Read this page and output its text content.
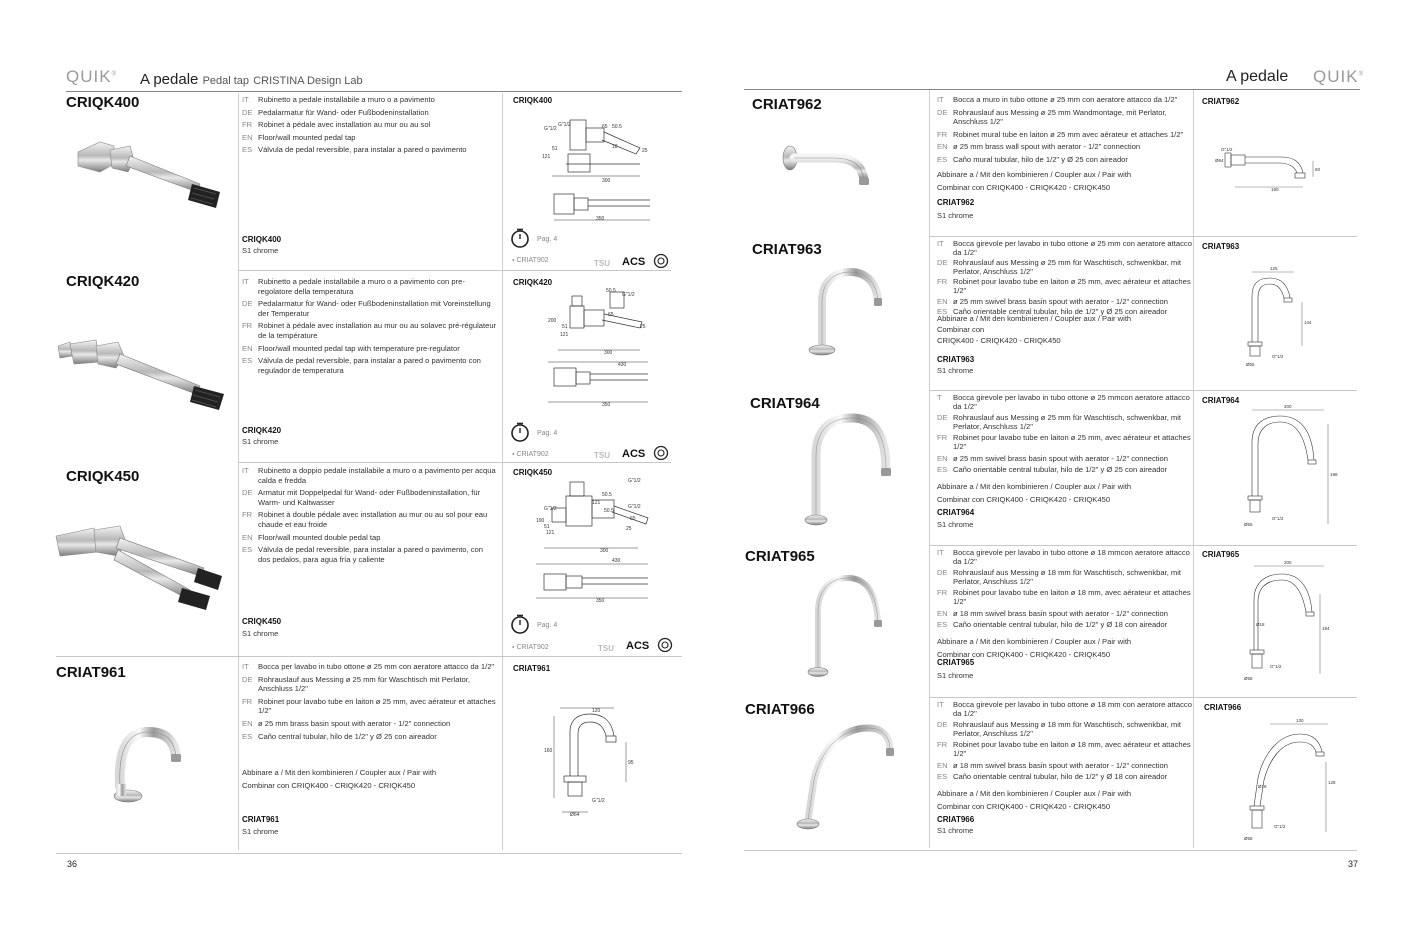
QUIK® A pedale Pedal tap CRISTINA Design Lab
CRIQK400	IT	Rubinetto a pedale installabile a muro o a pavimento
DE Pedalarmatur für Wand- oder Fußbodeninstallation
FR Robinet à pédale avec installation au mur ou au sol
EN Floor/wall mounted pedal tap
ES Válvula de pedal reversible, para instalar a pared o pavimento
CRIQK400
S1 chrome
CRIQK400
G"1/2
G"1/2	65 50.5
51
121
18
25
300
350
Pag. 4
⬩ CRIAT902	TSU ACS
CRIQK420	IT	Rubinetto a pedale installabile a muro o a pavimento con pre-regolatore della temperatura
DE Pedalarmatur für Wand- oder Fußbodeninstallation mit Voreinstellung der Temperatur
FR Robinet à pédale avec installation au mur ou au solavec pré-régulateur de la température
EN Floor/wall mounted pedal tap with temperature pre-regulator
ES Válvula de pedal reversible, para instalar a pared o pavimento con regulador de temperatura
CRIQK420
S1 chrome
CRIQK420
50.5
G"1/2
200
51
121
65
25
300
430
350
Pag. 4
⬩ CRIAT902	TSU ACS
CRIQK450	IT	Rubinetto a doppio pedale installabile a muro o a pavimento per acqua calda e fredda
DE Armatur mit Doppelpedal für Wand- oder Fußbodeninstallation, für Warm- und Kaltwasser
FR Robinet à double pédale avec installation au mur ou au sol pour eau chaude et eau froide
EN Floor/wall mounted double pedal tap
ES Válvula de pedal reversible, para instalar a pared o pavimento, con dos pedalos, para agua fría y caliente
CRIQK450
S1 chrome
CRIQK450
G"1/2
50.5
121
G"1/2
190
51
121
50.5
G"1/2
65
25
300
430
350
Pag. 4
⬩ CRIAT902	TSU ACS
CRIAT961	IT	Bocca per lavabo in tubo ottone ø 25 mm con aeratore attacco da 1/2"
DE Rohrauslauf aus Messing ø 25 mm für Waschtisch mit Perlator, Anschluss 1/2"
FR Robinet pour lavabo tube en laiton ø 25 mm, avec aérateur et attaches 1/2"
EN ø 25 mm brass basin spout with aerator - 1/2" connection
ES Caño central tubular, hilo de 1/2" y Ø 25 con aireador
Abbinare a / Mit den kombinieren / Coupler aux / Pair with
Combinar con CRIQK400 - CRIQK420 - CRIQK450
CRIAT961
S1 chrome
CRIAT961
120
160
95
G"1/2
Ø64
36
A pedale QUIK®
CRIAT962	IT	Bocca a muro in tubo ottone ø 25 mm con aeratore attacco da 1/2"
DE Rohrauslauf aus Messing ø 25 mm Wandmontage, mit Perlator, Anschluss 1/2"
FR Robinet mural tube en laiton ø 25 mm avec aérateur et attaches 1/2"
EN ø 25 mm brass wall spout with aerator - 1/2" connection
ES Caño mural tubular, hilo de 1/2" y Ø 25 con aireador
Abbinare a / Mit den kombinieren / Coupler aux / Pair with
Combinar con CRIQK400 - CRIQK420 - CRIQK450
CRIAT962
S1 chrome
CRIAT962
Ø64
G"1/2
190
60
CRIAT963	IT	Bocca girevole per lavabo in tubo ottone ø 25 mm con aeratore attacco da 1/2"
DE Rohrauslauf aus Messing ø 25 mm für Waschtisch, schwenkbar, mit Perlator, Anschluss 1/2"
FR Robinet pour lavabo tube en laiton ø 25 mm, avec aérateur et attaches 1/2"
EN ø 25 mm swivel brass basin spout with aerator - 1/2" connection
ES Caño orientable central tubular, hilo de 1/2" y Ø 25 con aireador
Abbinare a / Mit den kombinieren / Coupler aux / Pair with
Combinar con
CRIQK400 - CRIQK420 - CRIQK450
CRIAT963
S1 chrome
CRIAT963
125
144
G"1/2
Ø55
CRIAT964	T	Bocca girevole per lavabo in tubo ottone ø 25 mmcon aeratore attacco da 1/2"
DE Rohrauslauf aus Messing ø 25 mm für Waschtisch, schwenkbar, mit Perlator, Anschluss 1/2"
FR Robinet pour lavabo tube en laiton ø 25 mm, avec aérateur et attaches 1/2"
EN ø 25 mm swivel brass basin spout with aerator - 1/2" connection
ES Caño orientable central tubular, hilo de 1/2" y Ø 25 con aireador
Abbinare a / Mit den kombinieren / Coupler aux / Pair with
Combinar con CRIQK400 - CRIQK420 - CRIQK450
CRIAT964
S1 chrome
CRIAT964
200
198
G"1/2
Ø55
CRIAT965	IT	Bocca girevole per lavabo in tubo ottone ø 18 mmcon aeratore attacco da 1/2"
DE Rohrauslauf aus Messing ø 18 mm für Waschtisch, schwenkbar, mit Perlator, Anschluss 1/2"
FR Robinet pour lavabo tube en laiton ø 18 mm, avec aérateur et attaches 1/2"
EN ø 18 mm swivel brass basin spout with aerator - 1/2" connection
ES Caño orientable central tubular, hilo de 1/2" y Ø 18 con aireador
Abbinare a / Mit den kombinieren / Coupler aux / Pair with
Combinar con CRIQK400 - CRIQK420 - CRIQK450
CRIAT965
S1 chrome
CRIAT965
200
Ø18
194
G"1/2
Ø58
CRIAT966	IT	Bocca girevole per lavabo in tubo ottone ø 18 mm con aeratore attacco da 1/2"
DE Rohrauslauf aus Messing ø 18 mm für Waschtisch, schwenkbar, mit Perlator, Anschluss 1/2"
FR Robinet pour lavabo tube en laiton ø 18 mm, avec aérateur et attaches 1/2"
EN ø 18 mm swivel brass basin spout with aerator - 1/2" connection
ES Caño orientable central tubular, hilo de 1/2" y Ø 18 con aireador
Abbinare a / Mit den kombinieren / Coupler aux / Pair with
Combinar con CRIQK400 - CRIQK420 - CRIQK450
CRIAT966
S1 chrome
CRIAT966
130
Ø18
128
G"1/2
Ø58
37
